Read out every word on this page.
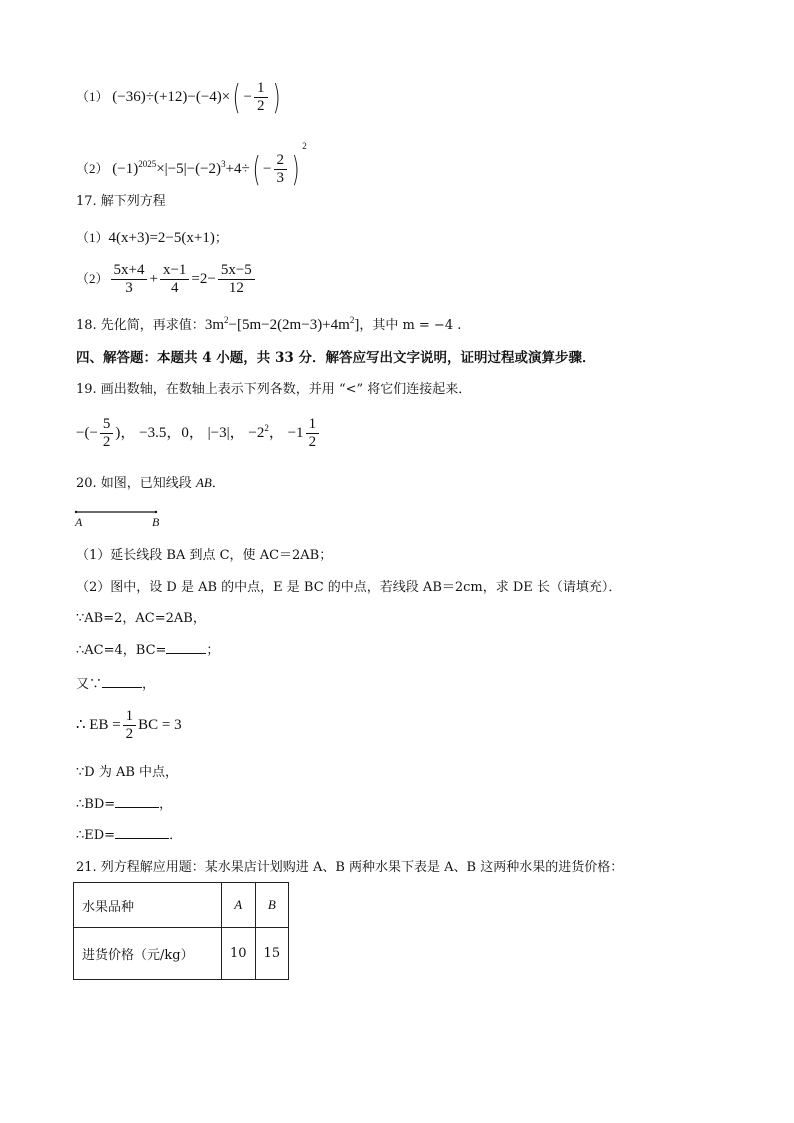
（1） $(-36)\div(+12)-(-4)\times( - \frac{1}{2}$ )
（2） $(-1)^{2025}\times|-5|-(-2)^3+4\div( - \frac{2}{3} )^2$
17. 解下列方程
（1）4(x+3)=2−5(x+1)；
$(2) \frac{5x+4}{3} + \frac{x-1}{4} =2- \frac{5x-5}{12}$
18. 先化简，再求值：$3m^2-[5m-2(2m-3)+4m^2]$，其中 m = −4 .
四、解答题：本题共 4 小题，共 33 分．解答应写出文字说明，证明过程或演算步骤．
19. 画出数轴，在数轴上表示下列各数，并用 “<” 将它们连接起来．
−(− $\frac{5}{2}$ )， −3.5，0， |−3|， $-2^2$， $-1 \frac{1}{2}$
20. 如图，已知线段 AB．
A	B
（1）延长线段 BA 到点 C，使 AC＝2AB；
（2）图中，设 D 是 AB 的中点，E 是 BC 的中点，若线段 AB＝2cm，求 DE 长（请填充）．
∵AB=2，AC=2AB，
∴AC=4，BC=	；
又∵	，
∴ EB = $\frac{1}{2}$ BC = 3
∵D 为 AB 中点，
∴BD=	，
∴ED=	．
21. 列方程解应用题：某水果店计划购进 A、B 两种水果下表是 A、B 这两种水果的进货价格：
水果品种	A	B
进货价格（元/kg）	10	15
